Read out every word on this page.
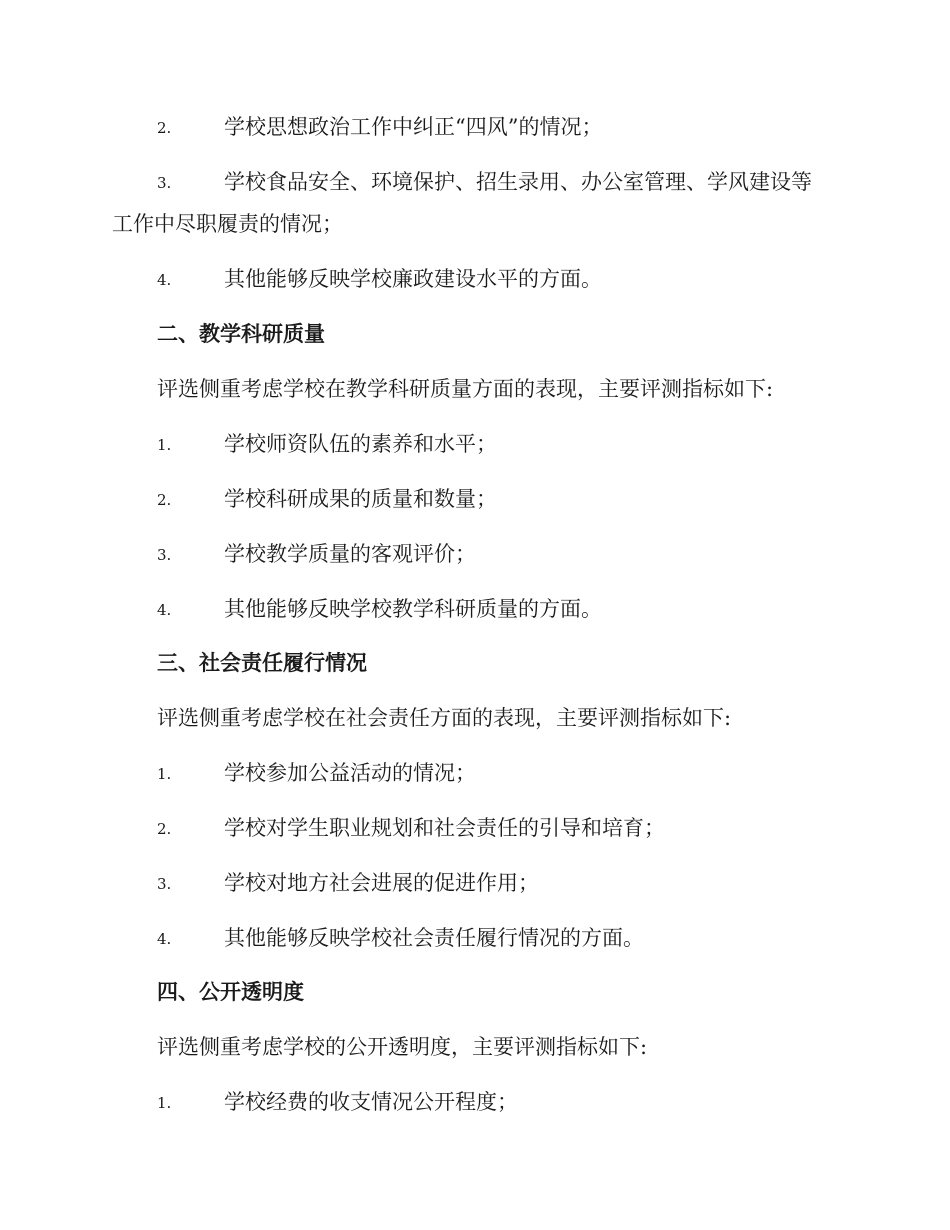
2.	学校思想政治工作中纠正“四风”的情况；
3.	学校食品安全、环境保护、招生录用、办公室管理、学风建设等
工作中尽职履责的情况；
4.	其他能够反映学校廉政建设水平的方面。
二、教学科研质量
评选侧重考虑学校在教学科研质量方面的表现，主要评测指标如下:
1.	学校师资队伍的素养和水平；
2.	学校科研成果的质量和数量；
3.	学校教学质量的客观评价；
4.	其他能够反映学校教学科研质量的方面。
三、社会责任履行情况
评选侧重考虑学校在社会责任方面的表现，主要评测指标如下:
1.	学校参加公益活动的情况；
2.	学校对学生职业规划和社会责任的引导和培育；
3.	学校对地方社会进展的促进作用；
4.	其他能够反映学校社会责任履行情况的方面。
四、公开透明度
评选侧重考虑学校的公开透明度，主要评测指标如下:
1.	学校经费的收支情况公开程度；
